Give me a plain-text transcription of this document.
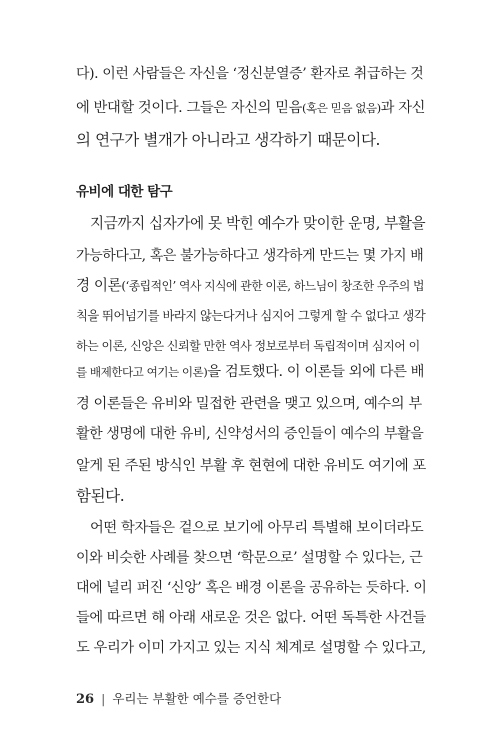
다). 이런 사람들은 자신을 ‘정신분열증’ 환자로 취급하는 것
에 반대할 것이다. 그들은 자신의 믿음(혹은 믿음 없음)과 자신
의 연구가 별개가 아니라고 생각하기 때문이다.
유비에 대한 탐구
지금까지 십자가에 못 박힌 예수가 맞이한 운명, 부활을
가능하다고, 혹은 불가능하다고 생각하게 만드는 몇 가지 배
경 이론(‘종립적인’ 역사 지식에 관한 이론, 하느님이 창조한 우주의 법
칙을 뛰어넘기를 바라지 않는다거나 심지어 그렇게 할 수 없다고 생각
하는 이론, 신앙은 신뢰할 만한 역사 정보로부터 독립적이며 심지어 이
를 배제한다고 여기는 이론)을 검토했다. 이 이론들 외에 다른 배
경 이론들은 유비와 밀접한 관련을 맺고 있으며, 예수의 부
활한 생명에 대한 유비, 신약성서의 증인들이 예수의 부활을
알게 된 주된 방식인 부활 후 현현에 대한 유비도 여기에 포
함된다.
어떤 학자들은 겉으로 보기에 아무리 특별해 보이더라도
이와 비슷한 사례를 찾으면 ‘학문으로’ 설명할 수 있다는, 근
대에 널리 퍼진 ‘신앙’ 혹은 배경 이론을 공유하는 듯하다. 이
들에 따르면 해 아래 새로운 것은 없다. 어떤 독특한 사건들
도 우리가 이미 가지고 있는 지식 체계로 설명할 수 있다고,
26 | 우리는 부활한 예수를 증언한다
